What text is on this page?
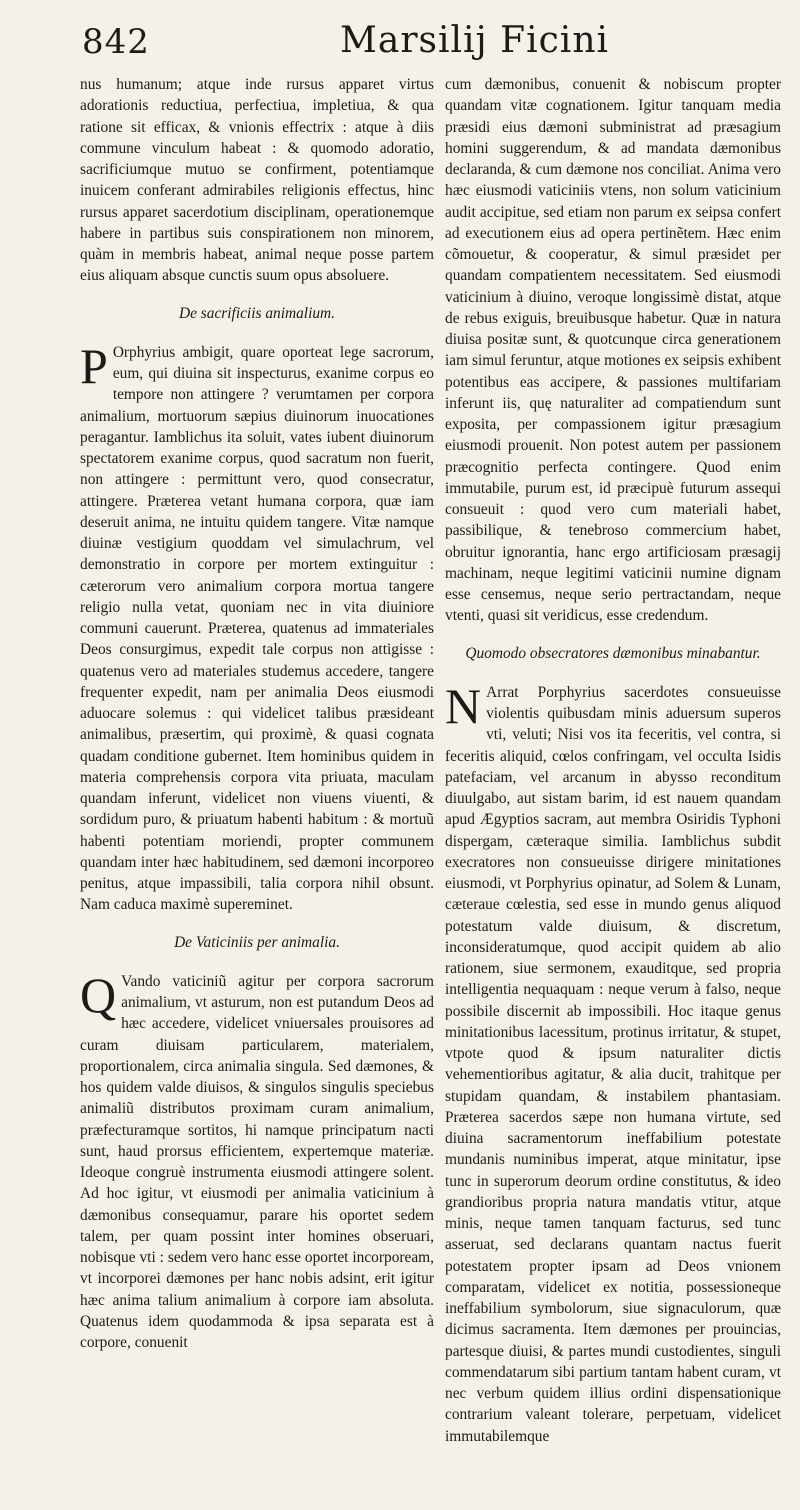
842	Marsilij Ficini

nus humanum; atque inde rursus apparet virtus adorationis reductiua, perfectiua, impletiua, & qua ratione sit efficax, & vnionis effectrix : atque à diis commune vinculum habeat : & quomodo adoratio, sacrificiumque mutuo se confirment, potentiamque inuicem conferant admirabiles religionis effectus, hinc rursus apparet sacerdotium disciplinam, operationemque habere in partibus suis conspirationem non minorem, quàm in membris habeat, animal neque posse partem eius aliquam absque cunctis suum opus absoluere.

De sacrificiis animalium.

P Orphyrius ambigit, quare oporteat lege sacrorum, eum, qui diuina sit inspecturus, exanime corpus eo tempore non attingere ? verumtamen per corpora animalium, mortuorum sæpius diuinorum inuocationes peragantur. Iamblichus ita soluit, vates iubent diuinorum spectatorem exanime corpus, quod sacratum non fuerit, non attingere : permittunt vero, quod consecratur, attingere. Præterea vetant humana corpora, quæ iam deseruit anima, ne intuitu quidem tangere. Vitæ namque diuinæ vestigium quoddam vel simulachrum, vel demonstratio in corpore per mortem extinguitur : cæterorum vero animalium corpora mortua tangere religio nulla vetat, quoniam nec in vita diuiniore communi cauerunt. Præterea, quatenus ad immateriales Deos consurgimus, expedit tale corpus non attigisse : quatenus vero ad materiales studemus accedere, tangere frequenter expedit, nam per animalia Deos eiusmodi aduocare solemus : qui videlicet talibus præsideant animalibus, præsertim, qui proximè, & quasi cognata quadam conditione gubernet. Item hominibus quidem in materia comprehensis corpora vita priuata, maculam quandam inferunt, videlicet non viuens viuenti, & sordidum puro, & priuatum habenti habitum : & mortuũ habenti potentiam moriendi, propter communem quandam inter hæc habitudinem, sed dæmoni incorporeo penitus, atque impassibili, talia corpora nihil obsunt. Nam caduca maximè supereminet.

De Vaticiniis per animalia.

Q Vando vaticiniũ agitur per corpora sacrorum animalium, vt asturum, non est putandum Deos ad hæc accedere, videlicet vniuersales prouisores ad curam diuisam particularem, materialem, proportionalem, circa animalia singula. Sed dæmones, & hos quidem valde diuisos, & singulos singulis speciebus animaliũ distributos proximam curam animalium, præfecturamque sortitos, hi namque principatum nacti sunt, haud prorsus efficientem, expertemque materiæ. Ideoque congruè instrumenta eiusmodi attingere solent. Ad hoc igitur, vt eiusmodi per animalia vaticinium à dæmonibus consequamur, parare his oportet sedem talem, per quam possint inter homines obseruari, nobisque vti : sedem vero hanc esse oportet incorpoream, vt incorporei dæmones per hanc nobis adsint, erit igitur hæc anima talium animalium à corpore iam absoluta. Quatenus idem quodammoda & ipsa separata est à corpore, conuenit

cum dæmonibus, conuenit & nobiscum propter quandam vitæ cognationem. Igitur tanquam media præsidi eius dæmoni subministrat ad præsagium homini suggerendum, & ad mandata dæmonibus declaranda, & cum dæmone nos conciliat. Anima vero hæc eiusmodi vaticiniis vtens, non solum vaticinium audit accipitue, sed etiam non parum ex seipsa confert ad executionem eius ad opera pertinẽtem. Hæc enim cõmouetur, & cooperatur, & simul præsidet per quandam compatientem necessitatem. Sed eiusmodi vaticinium à diuino, veroque longissimè distat, atque de rebus exiguis, breuibusque habetur. Quæ in natura diuisa positæ sunt, & quotcunque circa generationem iam simul feruntur, atque motiones ex seipsis exhibent potentibus eas accipere, & passiones multifariam inferunt iis, quę naturaliter ad compatiendum sunt exposita, per compassionem igitur præsagium eiusmodi prouenit. Non potest autem per passionem præcognitio perfecta contingere. Quod enim immutabile, purum est, id præcipuè futurum assequi consueuit : quod vero cum materiali habet, passibilique, & tenebroso commercium habet, obruitur ignorantia, hanc ergo artificiosam præsagij machinam, neque legitimi vaticinii numine dignam esse censemus, neque serio pertractandam, neque vtenti, quasi sit veridicus, esse credendum.

Quomodo obsecratores dæmonibus minabantur.

N Arrat Porphyrius sacerdotes consueuisse violentis quibusdam minis aduersum superos vti, veluti; Nisi vos ita feceritis, vel contra, si feceritis aliquid, cœlos confringam, vel occulta Isidis patefaciam, vel arcanum in abysso reconditum diuulgabo, aut sistam barim, id est nauem quandam apud Ægyptios sacram, aut membra Osiridis Typhoni dispergam, cæteraque similia. Iamblichus subdit execratores non consueuisse dirigere minitationes eiusmodi, vt Porphyrius opinatur, ad Solem & Lunam, cæteraue cœlestia, sed esse in mundo genus aliquod potestatum valde diuisum, & discretum, inconsideratumque, quod accipit quidem ab alio rationem, siue sermonem, exauditque, sed propria intelligentia nequaquam : neque verum à falso, neque possibile discernit ab impossibili. Hoc itaque genus minitationibus lacessitum, protinus irritatur, & stupet, vtpote quod & ipsum naturaliter dictis vehementioribus agitatur, & alia ducit, trahitque per stupidam quandam, & instabilem phantasiam. Præterea sacerdos sæpe non humana virtute, sed diuina sacramentorum ineffabilium potestate mundanis numinibus imperat, atque minitatur, ipse tunc in superorum deorum ordine constitutus, & ideo grandioribus propria natura mandatis vtitur, atque minis, neque tamen tanquam facturus, sed tunc asseruat, sed declarans quantam nactus fuerit potestatem propter ipsam ad Deos vnionem comparatam, videlicet ex notitia, possessioneque ineffabilium symbolorum, siue signaculorum, quæ dicimus sacramenta. Item dæmones per prouincias, partesque diuisi, & partes mundi custodientes, singuli commendatarum sibi partium tantam habent curam, vt nec verbum quidem illius ordini dispensationique contrarium valeant tolerare, perpetuam, videlicet immutabilemque
